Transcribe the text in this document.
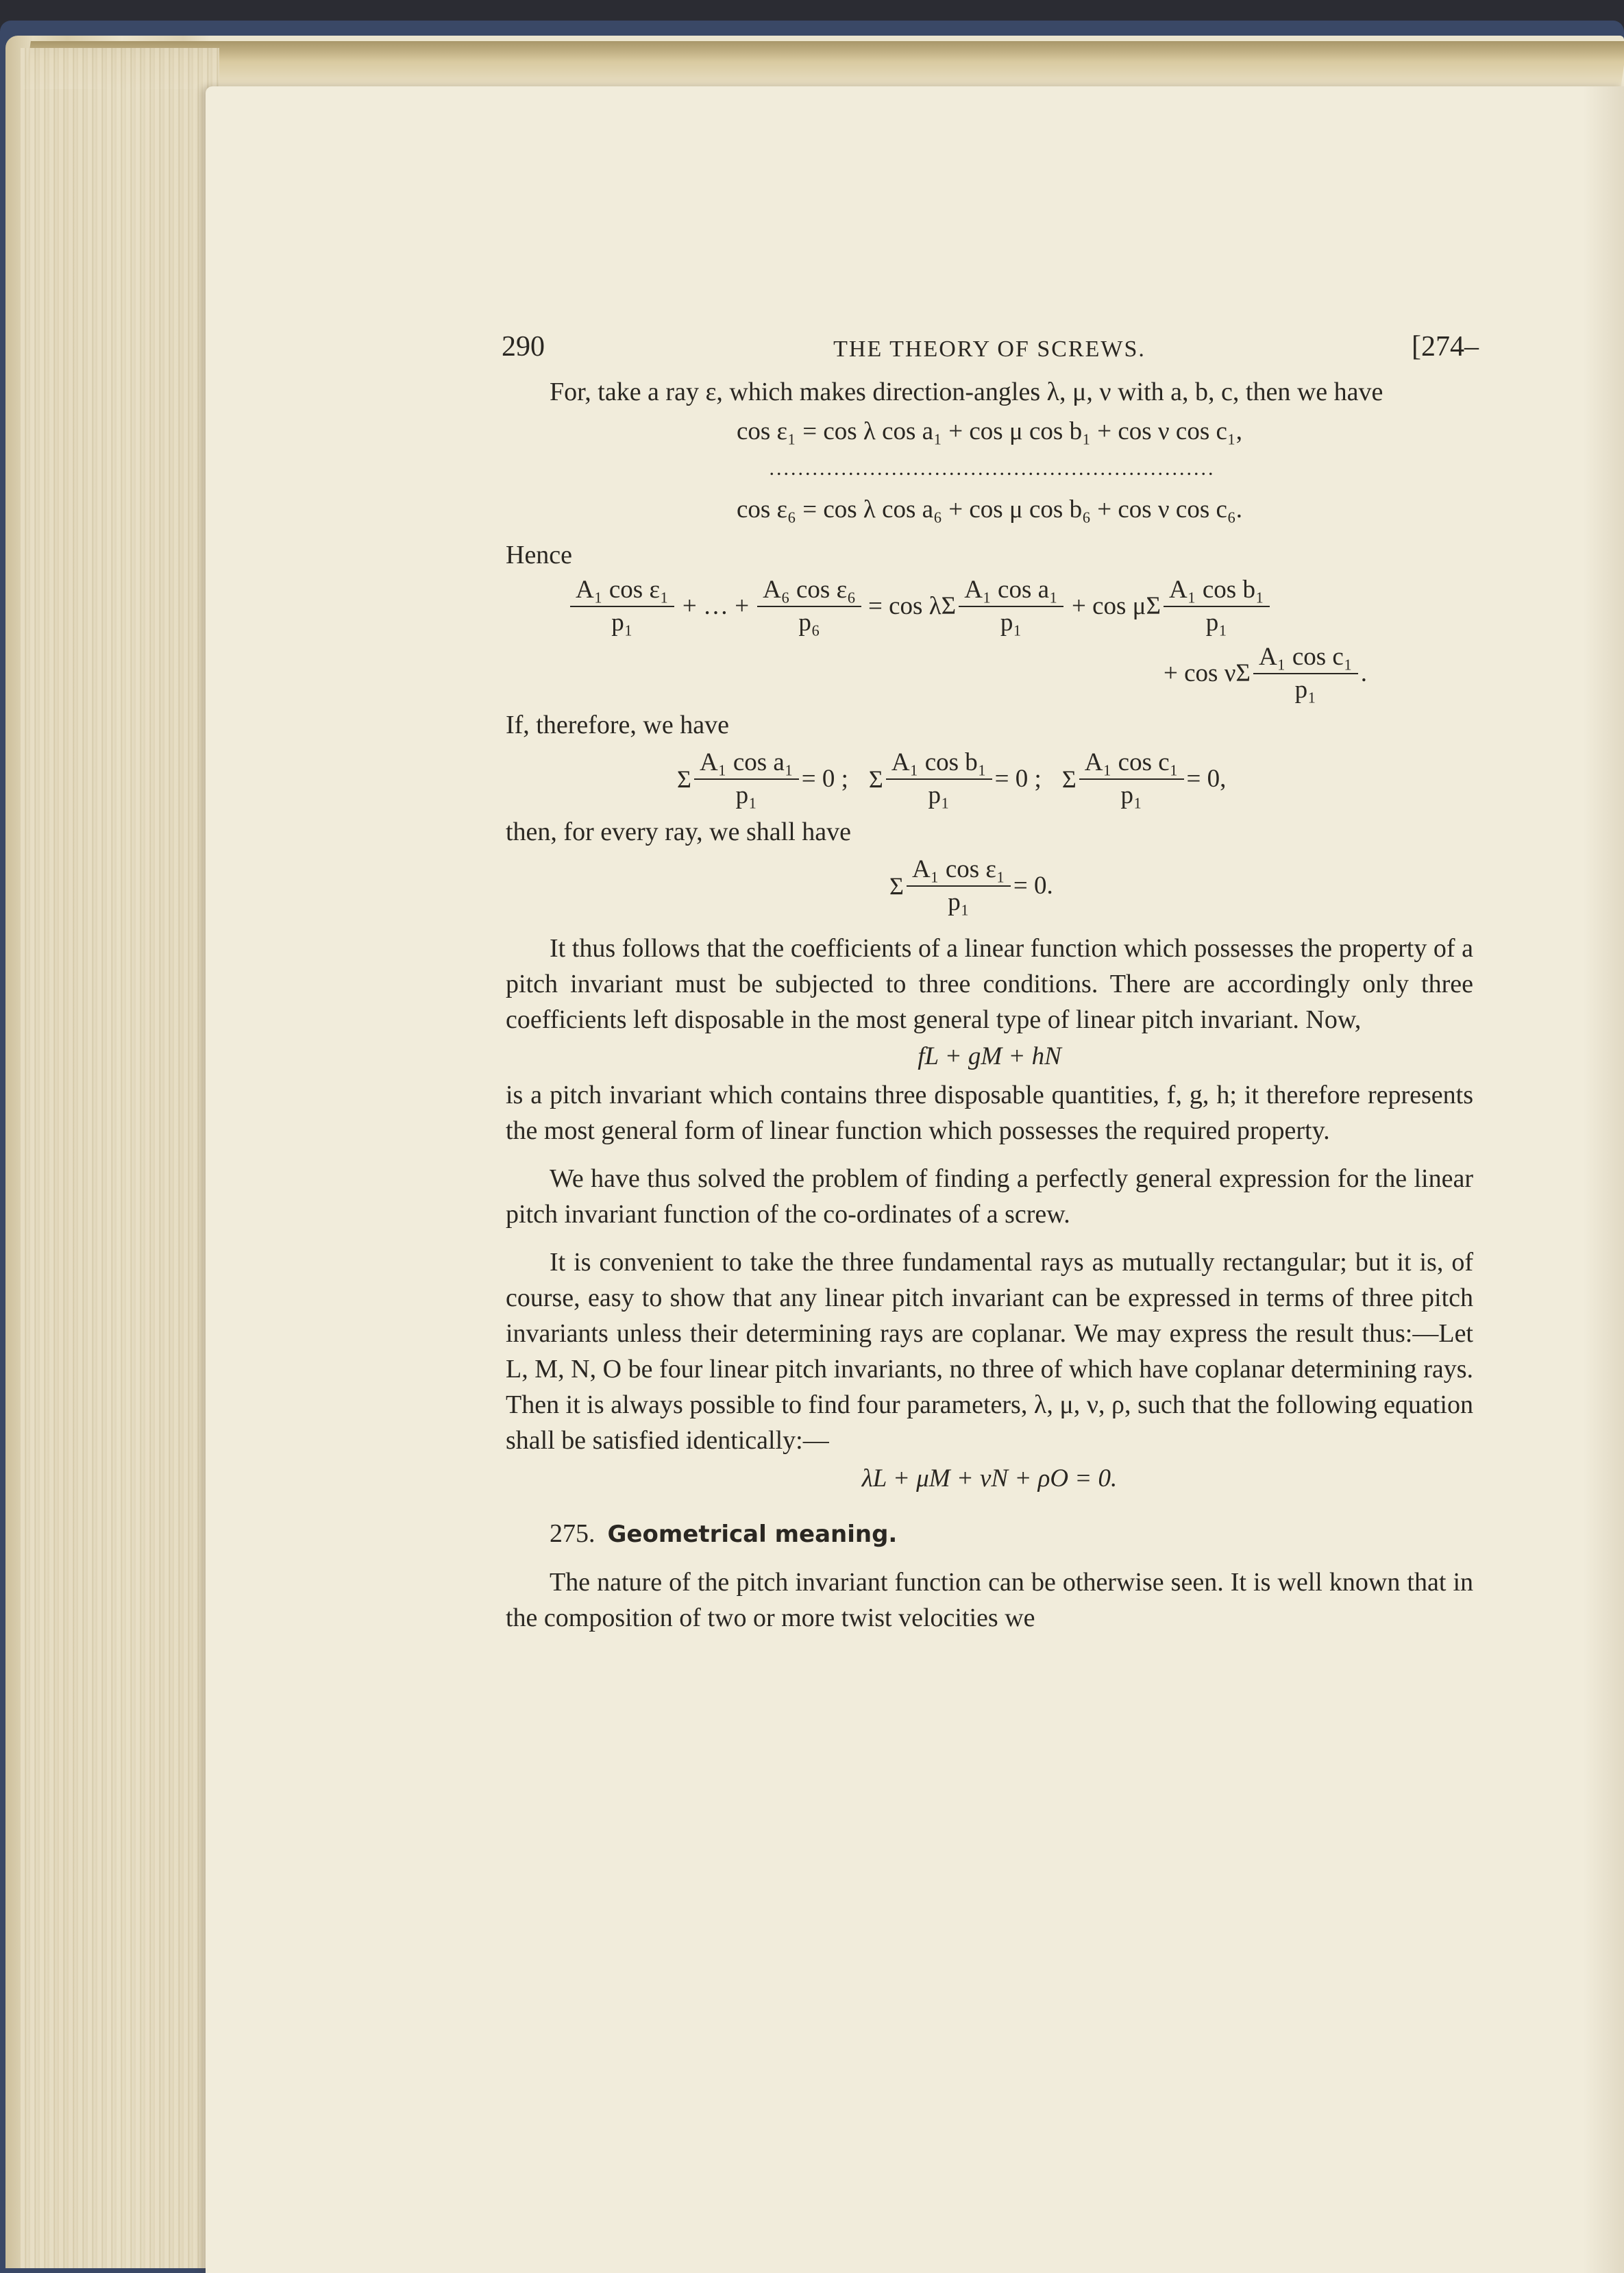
290	THE THEORY OF SCREWS.	[274–

For, take a ray ε, which makes direction-angles λ, μ, ν with a, b, c, then we have

cos ε₁ = cos λ cos a₁ + cos μ cos b₁ + cos ν cos c₁,
..............................................................
cos ε₆ = cos λ cos a₆ + cos μ cos b₆ + cos ν cos c₆.

Hence

$\frac{\text{A₁ cos ε₁}}{\text{p₁}}$ + … + $\frac{\text{A₆ cos ε₆}}{\text{p₆}} = \cos \lambda\Sigma \frac{\text{A₁ cos a₁}}{\text{p₁}} + \cos \mu\Sigma \frac{\text{A₁ cos b₁}}{\text{p₁}}$
+ cos νΣ $\frac{\text{A₁ cos c₁}}{\text{p₁}}$ .

If, therefore, we have

Σ $\frac{\text{A₁ cos a₁}}{\text{p₁}} = 0$ ; Σ $\frac{\text{A₁ cos b₁}}{\text{p₁}} = 0$ ; Σ $\frac{\text{A₁ cos c₁}}{\text{p₁}} = 0$,

then, for every ray, we shall have

Σ $\frac{\text{A₁ cos ε₁}}{\text{p₁}} = 0$.

It thus follows that the coefficients of a linear function which possesses the property of a pitch invariant must be subjected to three conditions. There are accordingly only three coefficients left disposable in the most general type of linear pitch invariant. Now,

fL + gM + hN

is a pitch invariant which contains three disposable quantities, f, g, h; it therefore represents the most general form of linear function which possesses the required property.

We have thus solved the problem of finding a perfectly general expression for the linear pitch invariant function of the co-ordinates of a screw.

It is convenient to take the three fundamental rays as mutually rectangular; but it is, of course, easy to show that any linear pitch invariant can be expressed in terms of three pitch invariants unless their determining rays are coplanar. We may express the result thus:—Let L, M, N, O be four linear pitch invariants, no three of which have coplanar determining rays. Then it is always possible to find four parameters, λ, μ, ν, ρ, such that the following equation shall be satisfied identically:—

λL + μM + νN + ρO = 0.
275. Geometrical meaning.

The nature of the pitch invariant function can be otherwise seen. It is well known that in the composition of two or more twist velocities we
